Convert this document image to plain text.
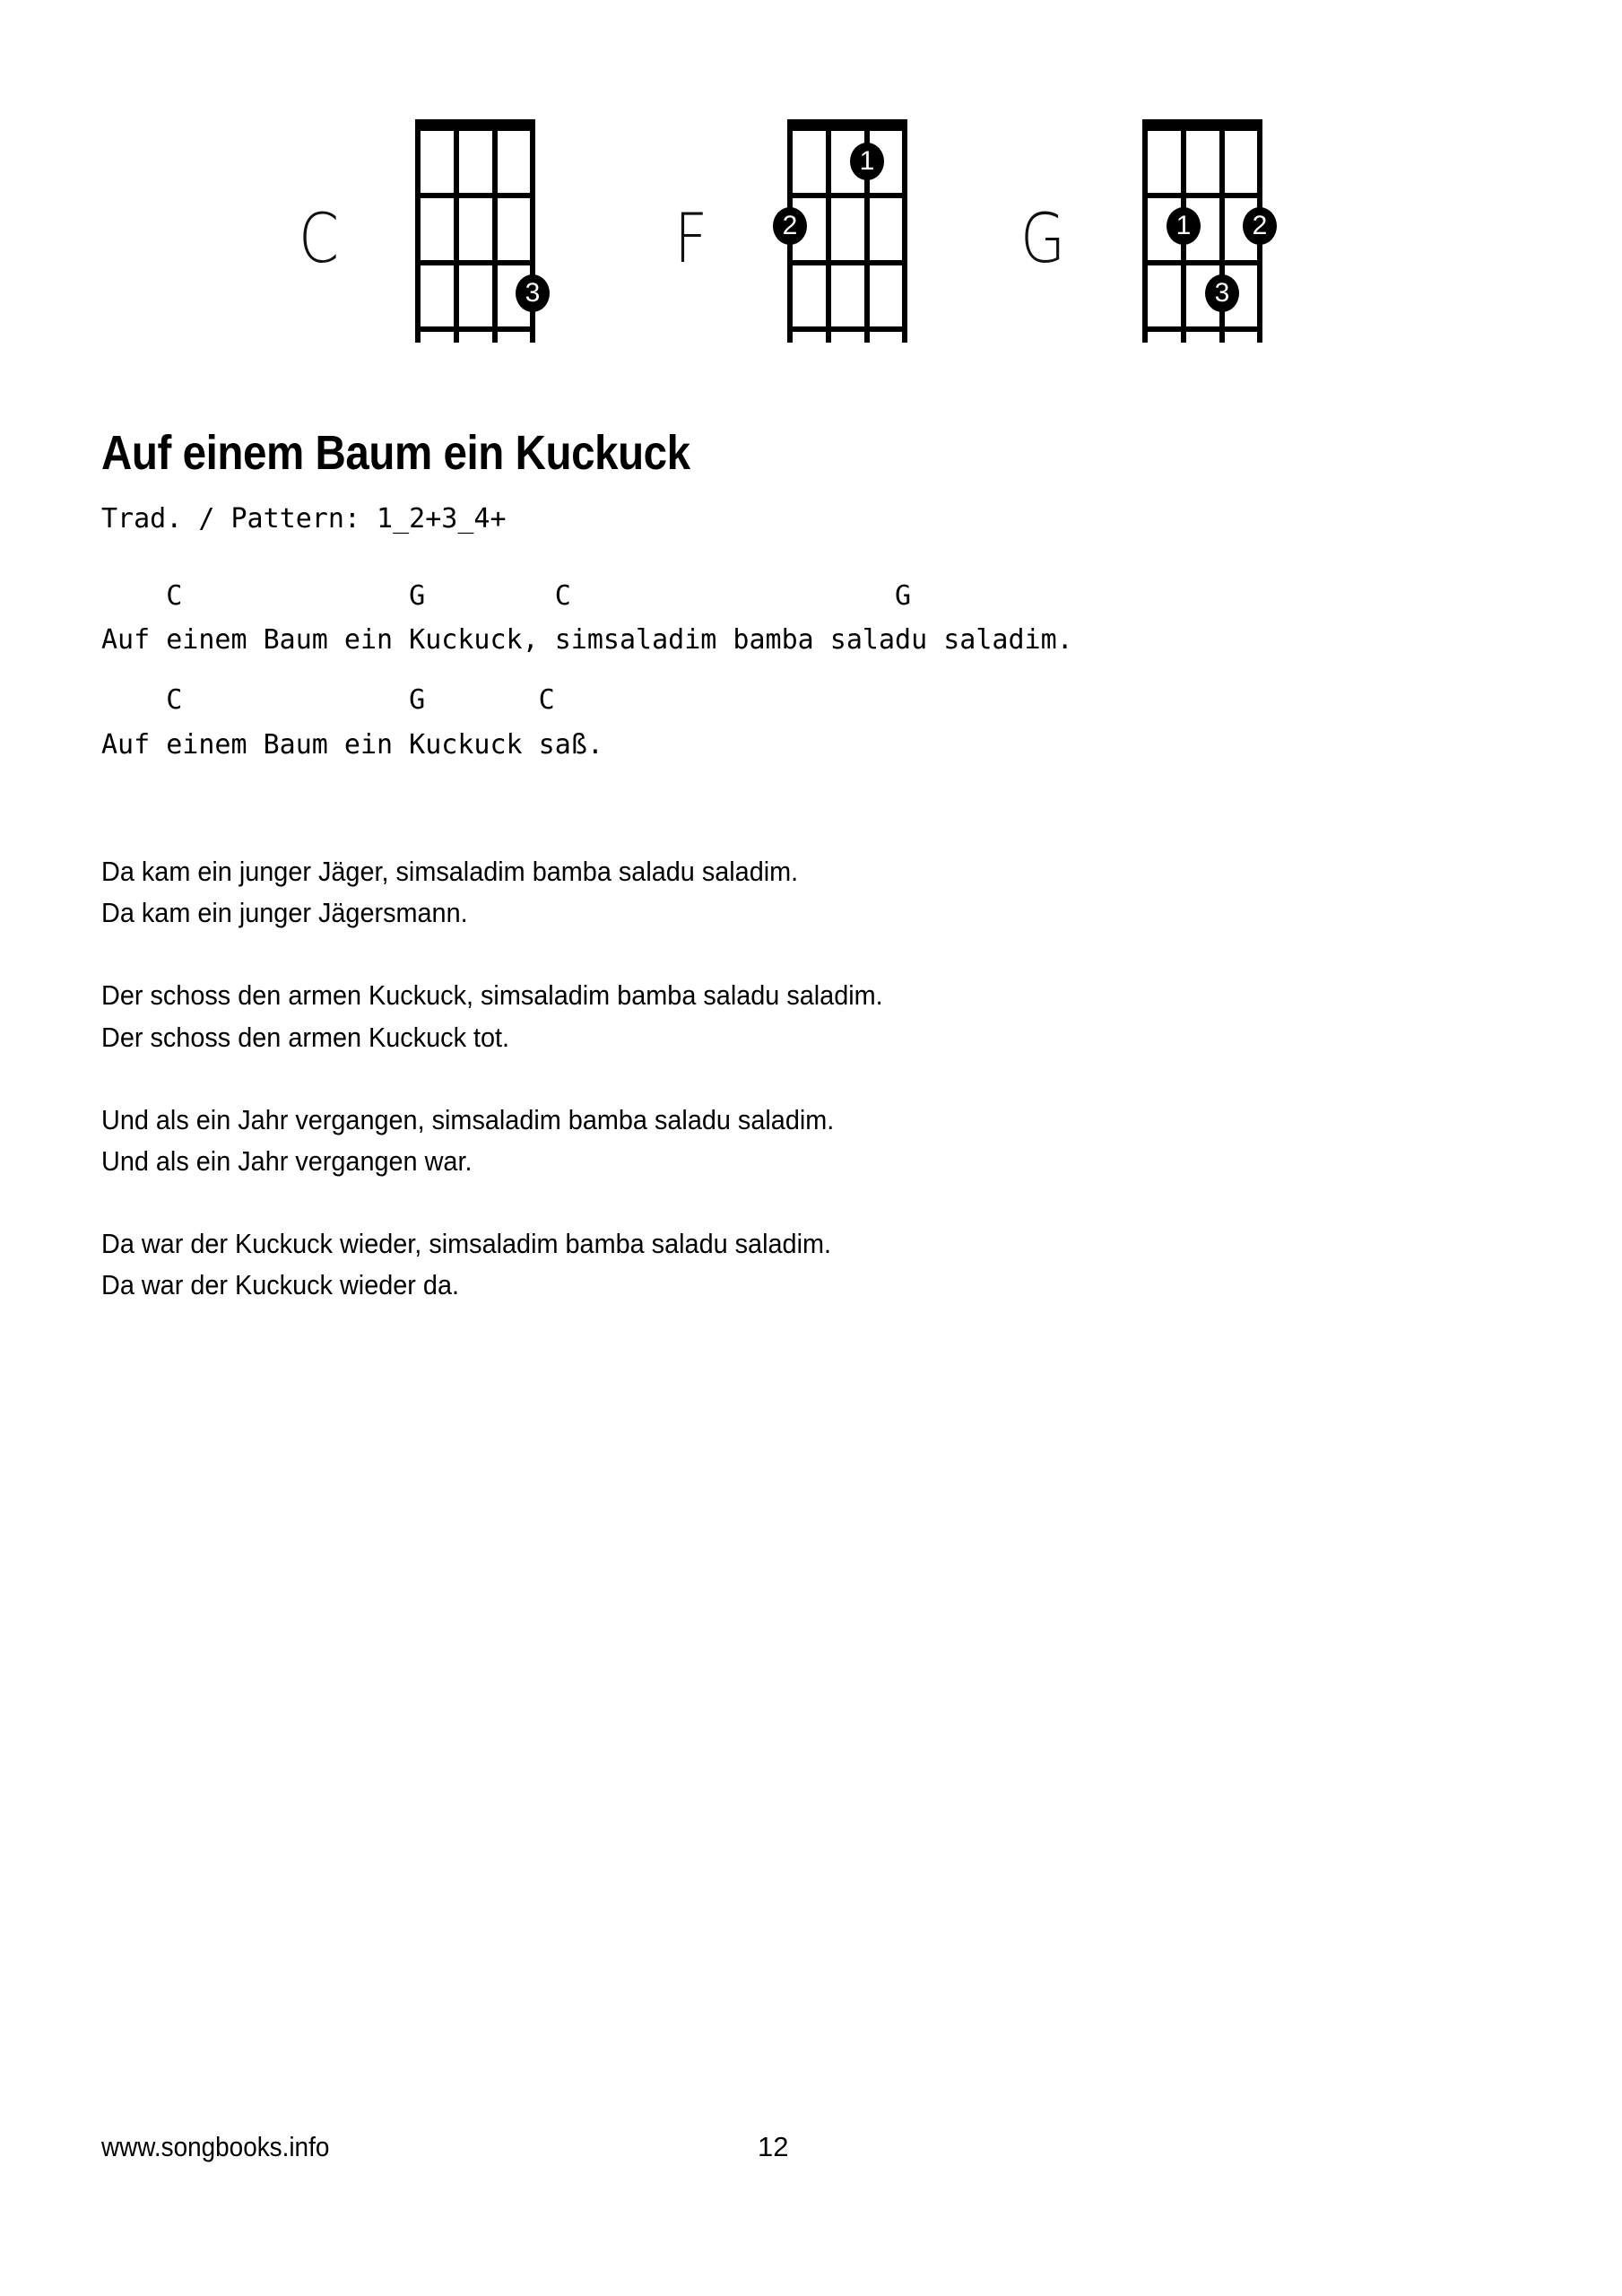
C	F	G
3
1
2	1	2
3
Auf einem Baum ein Kuckuck
Trad. / Pattern: 1_2+3_4+
C              G        C                    G
Auf einem Baum ein Kuckuck, simsaladim bamba saladu saladim.
C              G       C
Auf einem Baum ein Kuckuck saß.
Da kam ein junger Jäger, simsaladim bamba saladu saladim.
Da kam ein junger Jägersmann.
Der schoss den armen Kuckuck, simsaladim bamba saladu saladim.
Der schoss den armen Kuckuck tot.
Und als ein Jahr vergangen, simsaladim bamba saladu saladim.
Und als ein Jahr vergangen war.
Da war der Kuckuck wieder, simsaladim bamba saladu saladim.
Da war der Kuckuck wieder da.
www.songbooks.info	12
